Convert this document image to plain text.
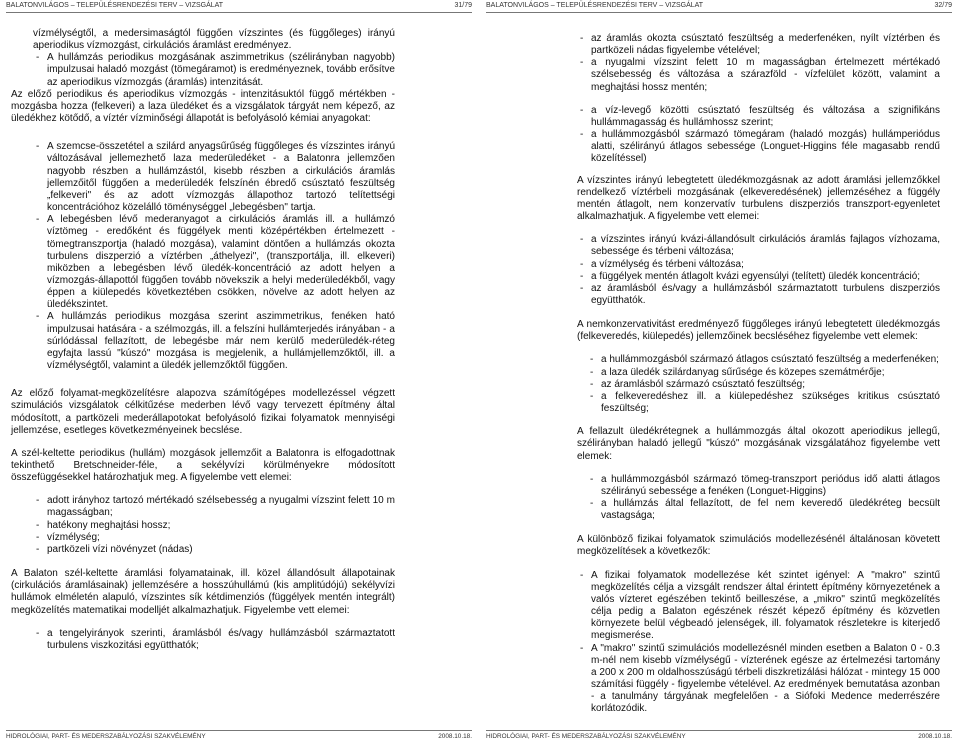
BALATONVILÁGOS – TELEPÜLÉSRENDEZÉSI TERV – VIZSGÁLAT	31/79

vízmélységtől, a medersimaságtól függően vízszintes (és függőleges) irányú aperiodikus vízmozgást, cirkulációs áramlást eredményez.

- A hullámzás periodikus mozgásának aszimmetrikus (szélirányban nagyobb) impulzusai haladó mozgást (tömegáramot) is eredményeznek, tovább erősítve az aperiodikus vízmozgás (áramlás) intenzitását.

Az előző periodikus és aperiodikus vízmozgás - intenzitásuktól függő mértékben - mozgásba hozza (felkeveri) a laza üledéket és a vizsgálatok tárgyát nem képező, az üledékhez kötődő, a víztér vízminőségi állapotát is befolyásoló kémiai anyagokat:

- A szemcse-összetétel a szilárd anyagsűrűség függőleges és vízszintes irányú változásával jellemezhető laza mederüledéket - a Balatonra jellemzően nagyobb részben a hullámzástól, kisebb részben a cirkulációs áramlás jellemzőitől függően a mederüledék felszínén ébredő csúsztató feszültség „felkeveri" és az adott vízmozgás állapothoz tartozó telítettségi koncentrációhoz közelálló töménységgel „lebegésben" tartja.
- A lebegésben lévő mederanyagot a cirkulációs áramlás ill. a hullámzó víztömeg - eredőként és függélyek menti középértékben értelmezett - tömegtranszportja (haladó mozgása), valamint döntően a hullámzás okozta turbulens diszperzió a víztérben „áthelyezi", (transzportálja, ill. elkeveri) miközben a lebegésben lévő üledék-koncentráció az adott helyen a vízmozgás-állapottól függően tovább növekszik a helyi mederüledékből, vagy éppen a kiülepedés következtében csökken, növelve az adott helyen az üledékszintet.
- A hullámzás periodikus mozgása szerint aszimmetrikus, fenéken ható impulzusai hatására - a szélmozgás, ill. a felszíni hullámterjedés irányában - a súrlódással fellazított, de lebegésbe már nem kerülő mederüledék-réteg egyfajta lassú "kúszó" mozgása is megjelenik, a hullámjellemzőktől, ill. a vízmélységtől, valamint a üledék jellemzőktől függően.

Az előző folyamat-megközelítésre alapozva számítógépes modellezéssel végzett szimulációs vizsgálatok célkitűzése mederben lévő vagy tervezett építmény által módosított, a partközeli mederállapotokat befolyásoló fizikai folyamatok mennyiségi jellemzése, esetleges következményeinek becslése.

A szél-keltette periodikus (hullám) mozgások jellemzőit a Balatonra is elfogadottnak tekinthető Bretschneider-féle, a sekélyvízi körülményekre módosított összefüggésekkel határozhatjuk meg. A figyelembe vett elemei:

- adott irányhoz tartozó mértékadó szélsebesség a nyugalmi vízszint felett 10 m magasságban;
- hatékony meghajtási hossz;
- vízmélység;
- partközeli vízi növényzet (nádas)

A Balaton szél-keltette áramlási folyamatainak, ill. közel állandósult állapotainak (cirkulációs áramlásainak) jellemzésére a hosszúhullámú (kis amplitúdójú) sekélyvízi hullámok elméletén alapuló, vízszintes sík kétdimenziós (függélyek mentén integrált) megközelítés matematikai modelljét alkalmazhatjuk. Figyelembe vett elemei:

- a tengelyirányok szerinti, áramlásból és/vagy hullámzásból származtatott turbulens viszkozitási együtthatók;
HIDROLÓGIAI, PART- ÉS MEDERSZABÁLYOZÁSI SZAKVÉLEMÉNY	2008.10.18.
BALATONVILÁGOS – TELEPÜLÉSRENDEZÉSI TERV – VIZSGÁLAT	32/79
- az áramlás okozta csúsztató feszültség a mederfenéken, nyílt víztérben és partközeli nádas figyelembe vételével;
- a nyugalmi vízszint felett 10 m magasságban értelmezett mértékadó szélsebesség és változása a szárazföld - vízfelület között, valamint a meghajtási hossz mentén;
- a víz-levegő közötti csúsztató feszültség és változása a szignifikáns hullámmagasság és hullámhossz szerint;
- a hullámmozgásból származó tömegáram (haladó mozgás) hullámperiódus alatti, szélirányú átlagos sebessége (Longuet-Higgins féle magasabb rendű közelítéssel)

A vízszintes irányú lebegtetett üledékmozgásnak az adott áramlási jellemzőkkel rendelkező víztérbeli mozgásának (elkeveredésének) jellemzéséhez a függély mentén átlagolt, nem konzervatív turbulens diszperziós transzport-egyenletet alkalmazhatjuk. A figyelembe vett elemei:

- a vízszintes irányú kvázi-állandósult cirkulációs áramlás fajlagos vízhozama, sebessége és térbeni változása;
- a vízmélység és térbeni változása;
- a függélyek mentén átlagolt kvázi egyensúlyi (telített) üledék koncentráció;
- az áramlásból és/vagy a hullámzásból származtatott turbulens diszperziós együtthatók.

A nemkonzervativitást eredményező függőleges irányú lebegtetett üledékmozgás (felkeveredés, kiülepedés) jellemzőinek becsléséhez figyelembe vett elemek:

- a hullámmozgásból származó átlagos csúsztató feszültség a mederfenéken;
- a laza üledék szilárdanyag sűrűsége és közepes szemátmérője;
- az áramlásból származó csúsztató feszültség;
- a felkeveredéshez ill. a kiülepedéshez szükséges kritikus csúsztató feszültség;

A fellazult üledékrétegnek a hullámmozgás által okozott aperiodikus jellegű, szélirányban haladó jellegű "kúszó" mozgásának vizsgálatához figyelembe vett elemek:

- a hullámmozgásból származó tömeg-transzport periódus idő alatti átlagos szélirányú sebessége a fenéken (Longuet-Higgins)
- a hullámzás által fellazított, de fel nem keveredő üledékréteg becsült vastagsága;

A különböző fizikai folyamatok szimulációs modellezésénél általánosan követett megközelítések a következők:

- A fizikai folyamatok modellezése két szintet igényel: A "makro" szintű megközelítés célja a vizsgált rendszer által érintett építmény környezetének a valós vízteret egészében tekintő beilleszése, a „mikro" szintű megközelítés célja pedig a Balaton egészének részét képező építmény és közvetlen környezete belül végbeadó jelenségek, ill. folyamatok részletekre is kiterjedő megismerése.
- A "makro" szintű szimulációs modellezésnél minden esetben a Balaton 0 - 0.3 m-nél nem kisebb vízmélységű - vízterének egésze az értelmezési tartomány a 200 x 200 m oldalhosszúságú térbeli diszkretizálási hálózat - mintegy 15 000 számítási függély - figyelembe vételével. Az eredmények bemutatása azonban - a tanulmány tárgyának megfelelően - a Siófoki Medence mederrészére korlátozódik.
HIDROLÓGIAI, PART- ÉS MEDERSZABÁLYOZÁSI SZAKVÉLEMÉNY	2008.10.18.
